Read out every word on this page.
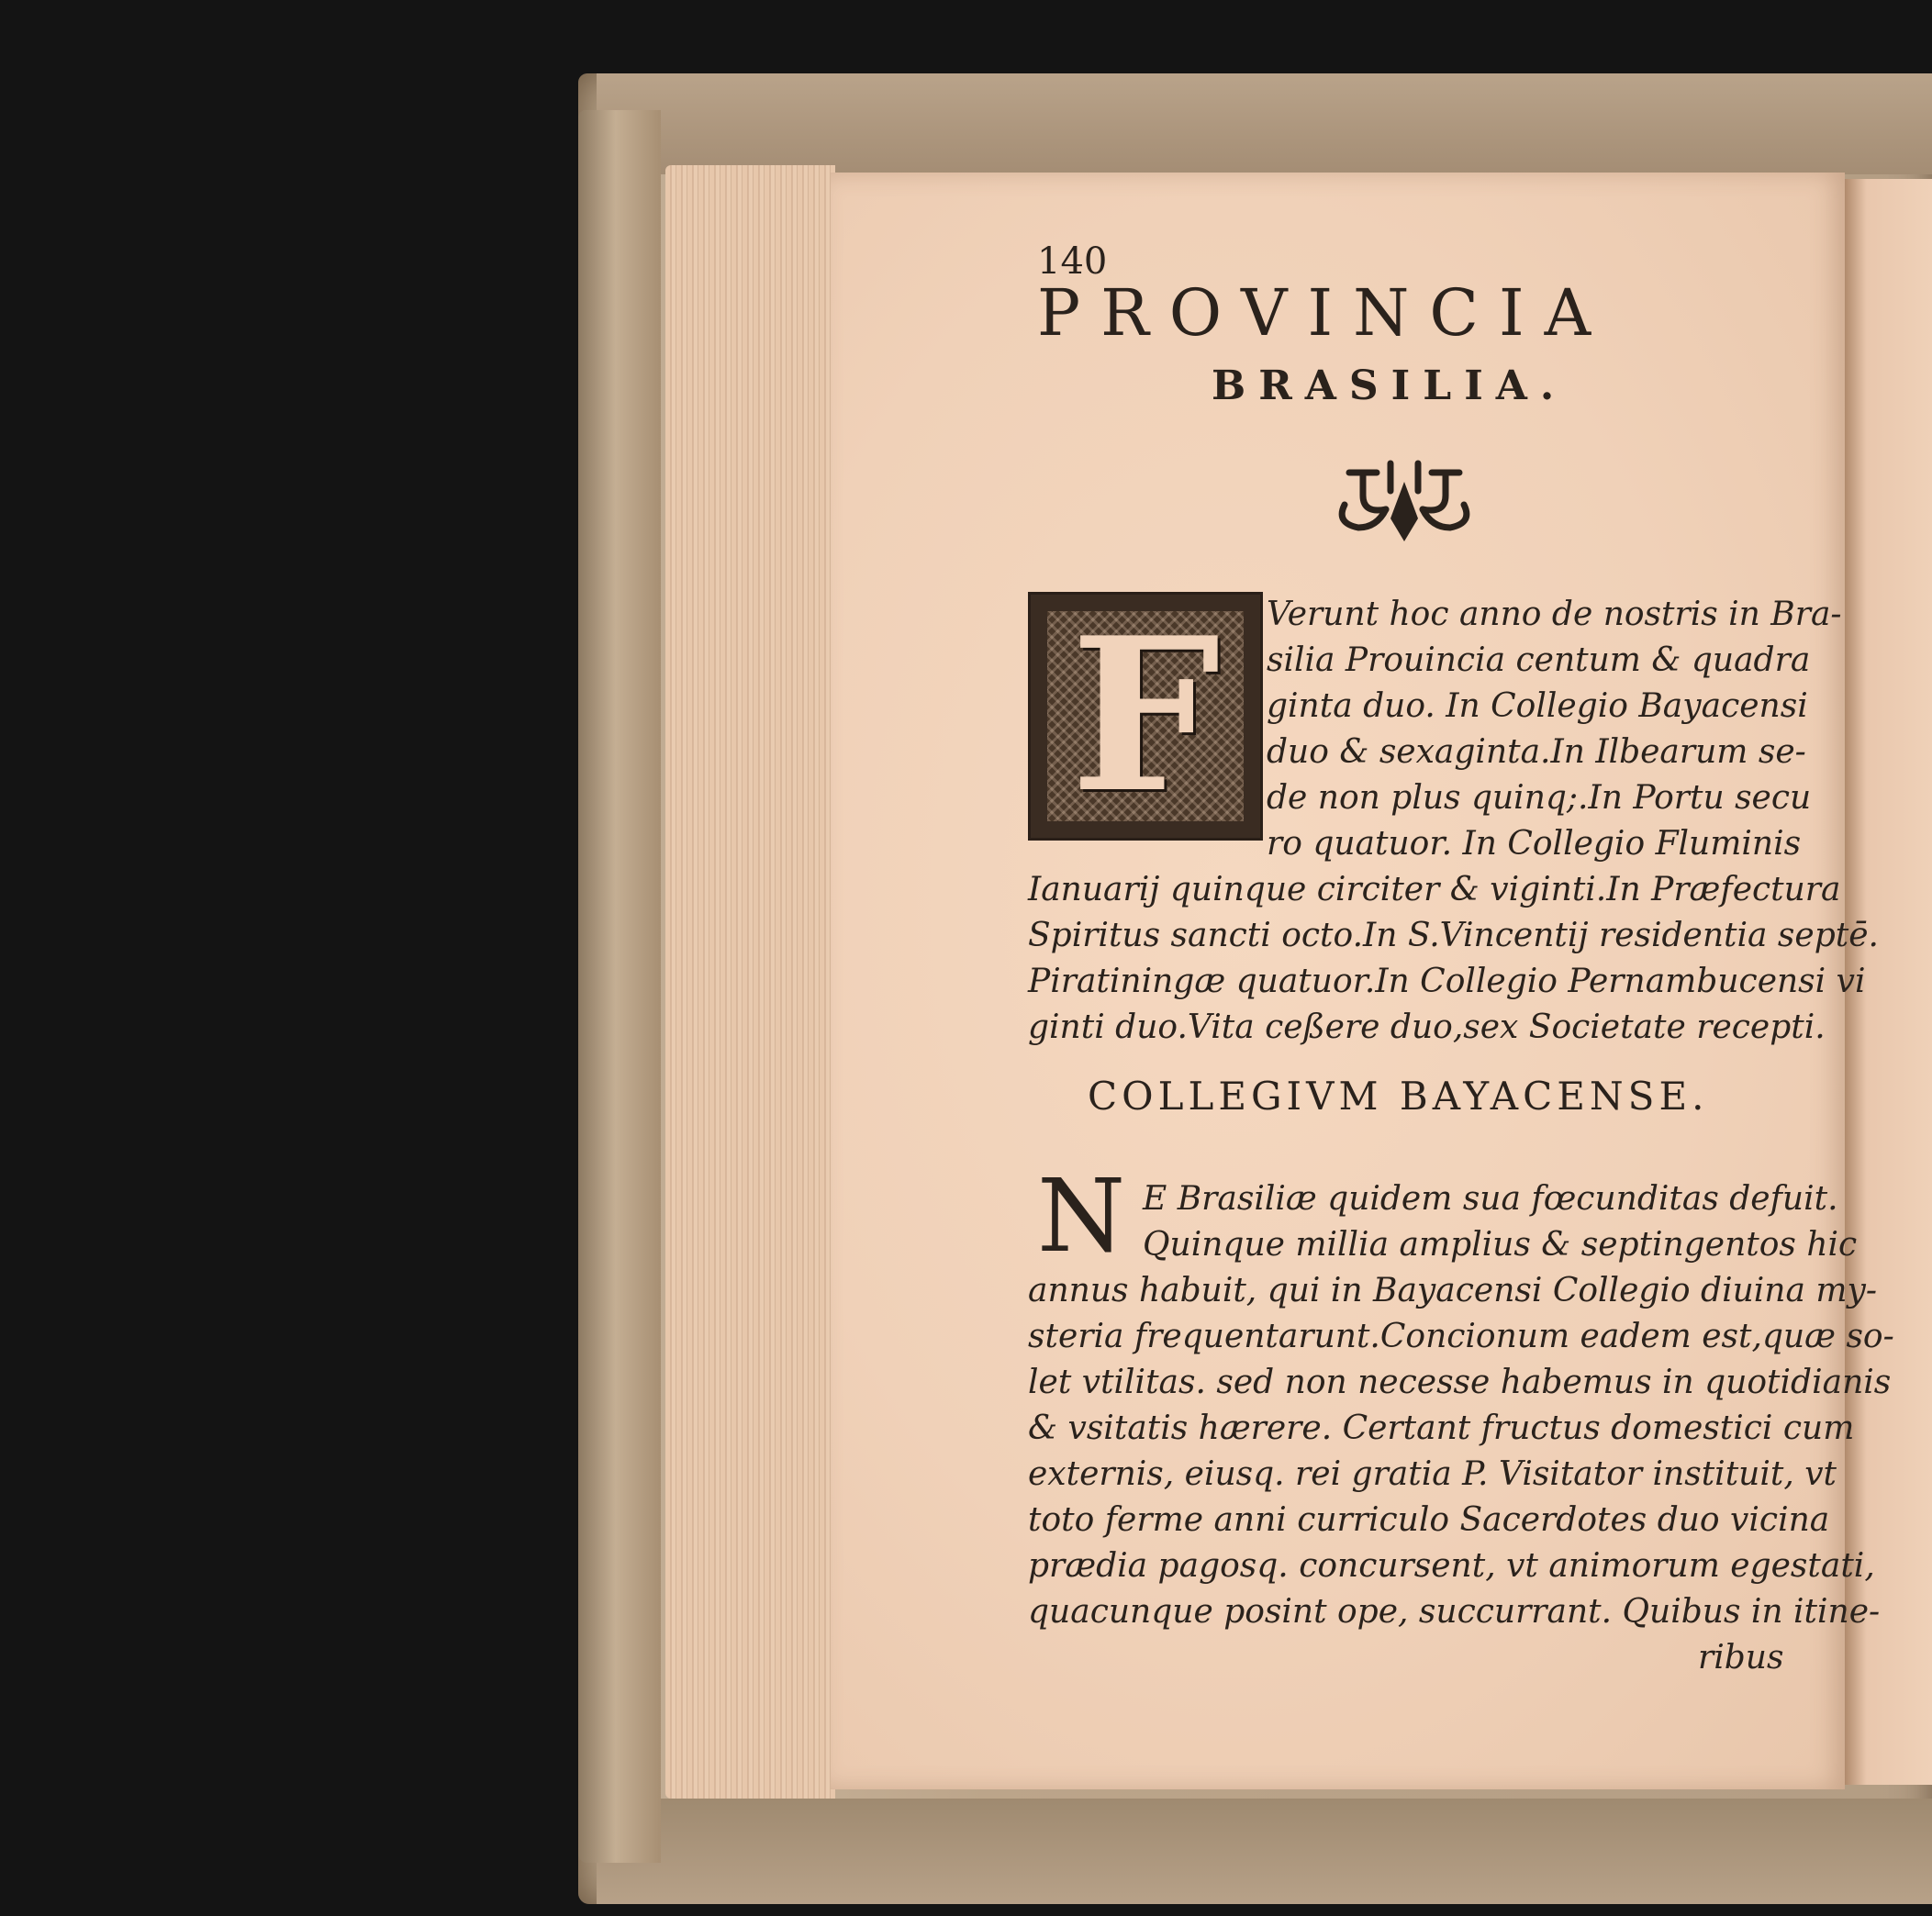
140
PROVINCIA
BRASILIA.
F	Verunt hoc anno de nostris in Bra-
silia Prouincia centum & quadra
ginta duo. In Collegio Bayacensi
duo & sexaginta.In Ilbearum se-
de non plus quinq;.In Portu secu
ro quatuor. In Collegio Fluminis
Ianuarij quinque circiter & viginti.In Præfectura
Spiritus sancti octo.In S.Vincentij residentia septē.
Piratiningæ quatuor.In Collegio Pernambucensi vi
ginti duo.Vita ceßere duo,sex Societate recepti.
COLLEGIVM BAYACENSE.
N E Brasiliæ quidem sua fœcunditas defuit.
Quinque millia amplius & septingentos hic
annus habuit, qui in Bayacensi Collegio diuina my-
steria frequentarunt.Concionum eadem est,quæ so-
let vtilitas. sed non necesse habemus in quotidianis
& vsitatis hærere. Certant fructus domestici cum
externis, eiusq. rei gratia P. Visitator instituit, vt
toto ferme anni curriculo Sacerdotes duo vicina
prædia pagosq. concursent, vt animorum egestati,
quacunque posint ope, succurrant. Quibus in itine-
ribus
